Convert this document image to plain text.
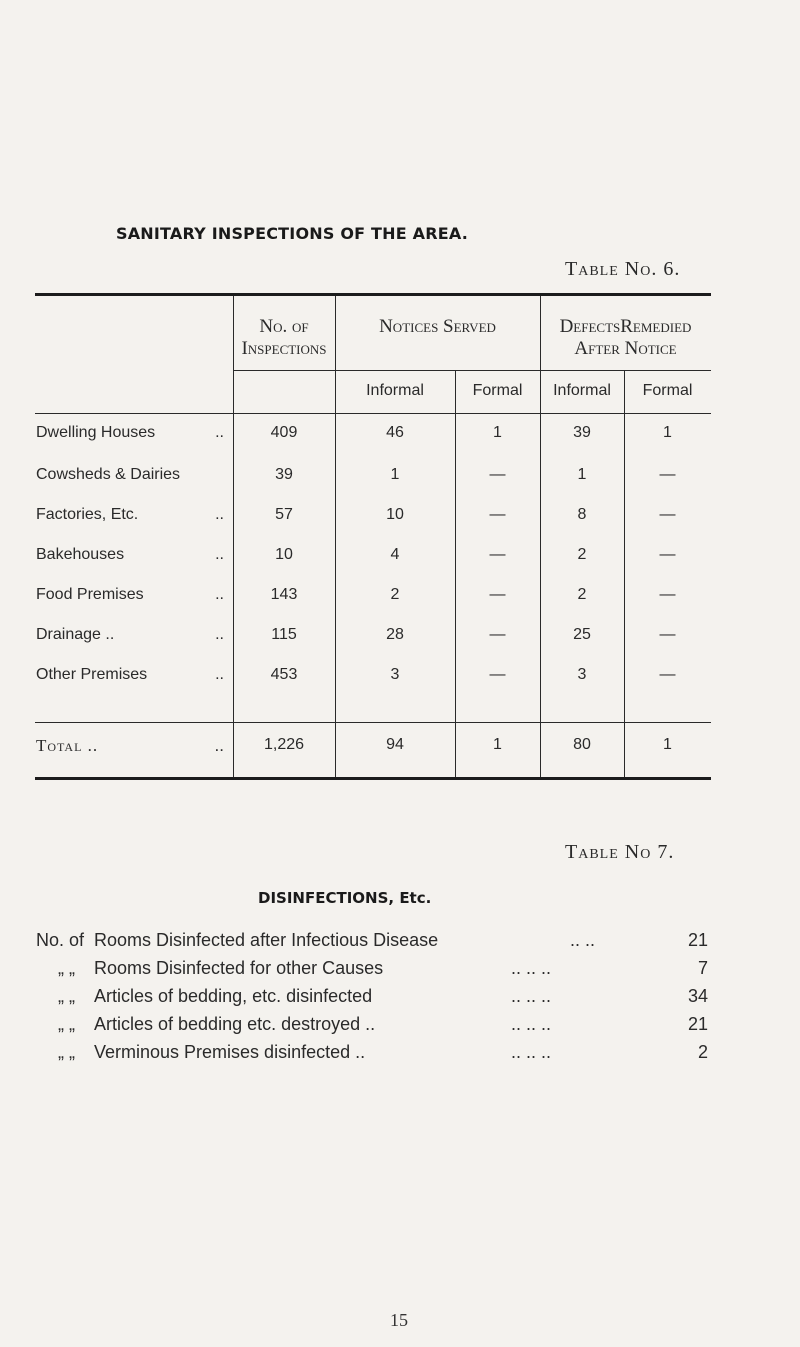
SANITARY INSPECTIONS OF THE AREA.
Table No. 6.
No. of
Inspections
Notices Served	DefectsRemedied
After Notice
Informal	Formal	Informal	Formal
Dwelling Houses	..	409	46	1	39	1
Cowsheds & Dairies	39	1	—	1	—
Factories, Etc.	..	57	10	—	8	—
Bakehouses	..	10	4	—	2	—
Food Premises	..	143	2	—	2	—
Drainage ..	..	115	28	—	25	—
Other Premises	..	453	3	—	3	—
Total ..	..	1,226	94	1	80	1
Table No 7.
DISINFECTIONS, Etc.
No. of Rooms Disinfected after Infectious Disease	.. ..	21
„ „ Rooms Disinfected for other Causes	.. .. ..	7
„ „ Articles of bedding, etc. disinfected	.. .. ..	34
„ „ Articles of bedding etc. destroyed ..	.. .. ..	21
„ „ Verminous Premises disinfected ..	.. .. ..	2
15
